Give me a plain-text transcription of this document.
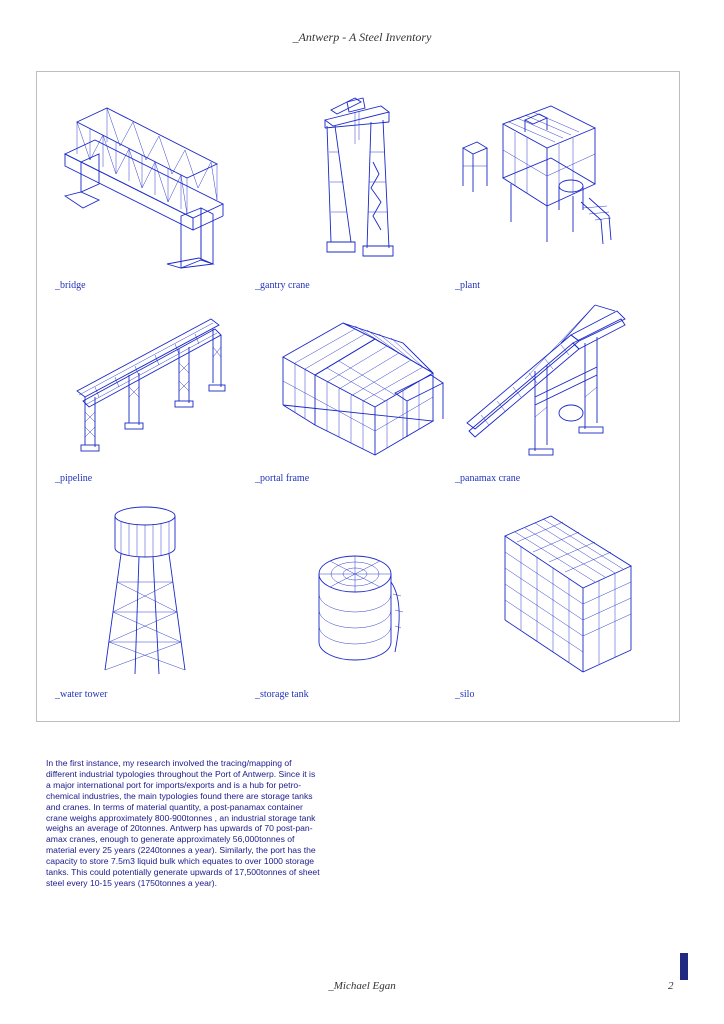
_Antwerp - A Steel Inventory
_bridge	_gantry crane	_plant
_pipeline	_portal frame	_panamax crane
_water tower	_storage tank	_silo
In the first instance, my research involved the tracing/mapping of
different industrial typologies throughout the Port of Antwerp. Since it is
a major international port for imports/exports and is a hub for petro-
chemical industries, the main typologies found there are storage tanks
and cranes. In terms of material quantity, a post-panamax container
crane weighs approximately 800-900tonnes , an industrial storage tank
weighs an average of 20tonnes. Antwerp has upwards of 70 post-pan-
amax cranes, enough to generate approximately 56,000tonnes of
material every 25 years (2240tonnes a year). Similarly, the port has the
capacity to store 7.5m3 liquid bulk which equates to over 1000 storage
tanks. This could potentially generate upwards of 17,500tonnes of sheet
steel every 10-15 years (1750tonnes a year).
_Michael Egan	2
